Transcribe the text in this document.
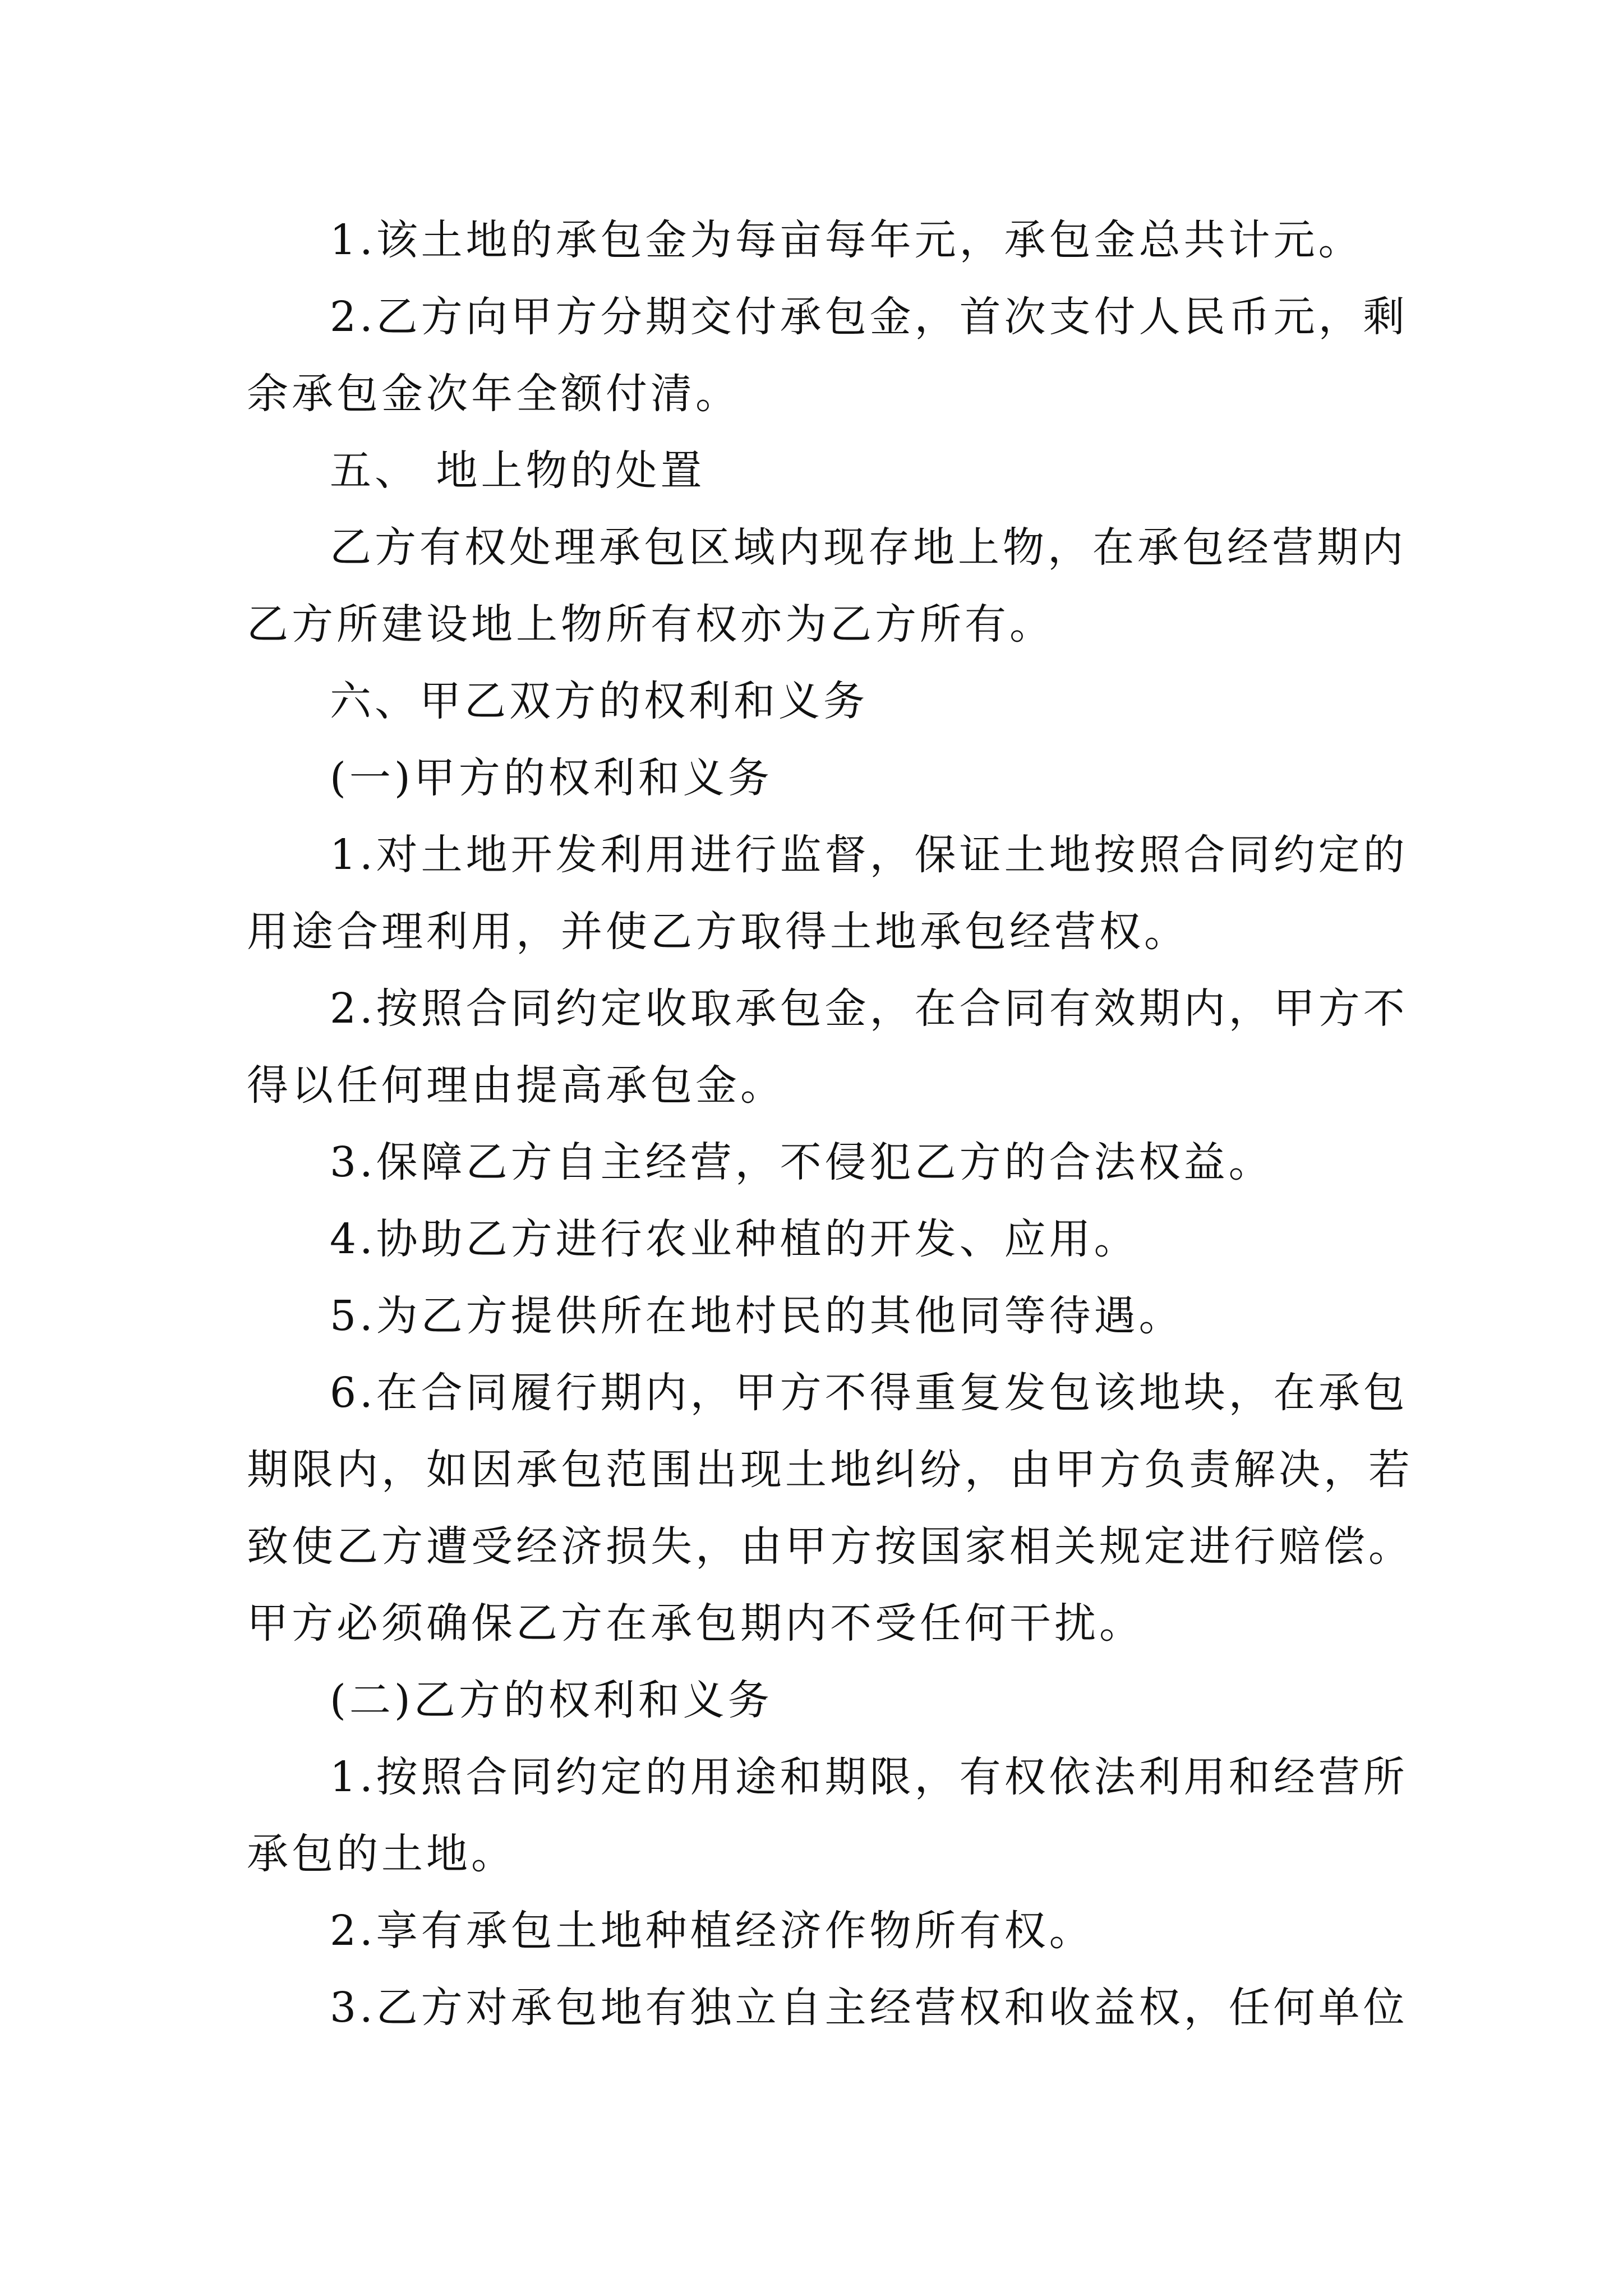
1.该土地的承包金为每亩每年元，承包金总共计元。
2.乙方向甲方分期交付承包金，首次支付人民币元，剩
余承包金次年全额付清。
五、 地上物的处置
乙方有权处理承包区域内现存地上物，在承包经营期内
乙方所建设地上物所有权亦为乙方所有。
六、甲乙双方的权利和义务
(一)甲方的权利和义务
1.对土地开发利用进行监督，保证土地按照合同约定的
用途合理利用，并使乙方取得土地承包经营权。
2.按照合同约定收取承包金，在合同有效期内，甲方不
得以任何理由提高承包金。
3.保障乙方自主经营，不侵犯乙方的合法权益。
4.协助乙方进行农业种植的开发、应用。
5.为乙方提供所在地村民的其他同等待遇。
6.在合同履行期内，甲方不得重复发包该地块，在承包
期限内，如因承包范围出现土地纠纷，由甲方负责解决，若
致使乙方遭受经济损失，由甲方按国家相关规定进行赔偿。
甲方必须确保乙方在承包期内不受任何干扰。
(二)乙方的权利和义务
1.按照合同约定的用途和期限，有权依法利用和经营所
承包的土地。
2.享有承包土地种植经济作物所有权。
3.乙方对承包地有独立自主经营权和收益权，任何单位
